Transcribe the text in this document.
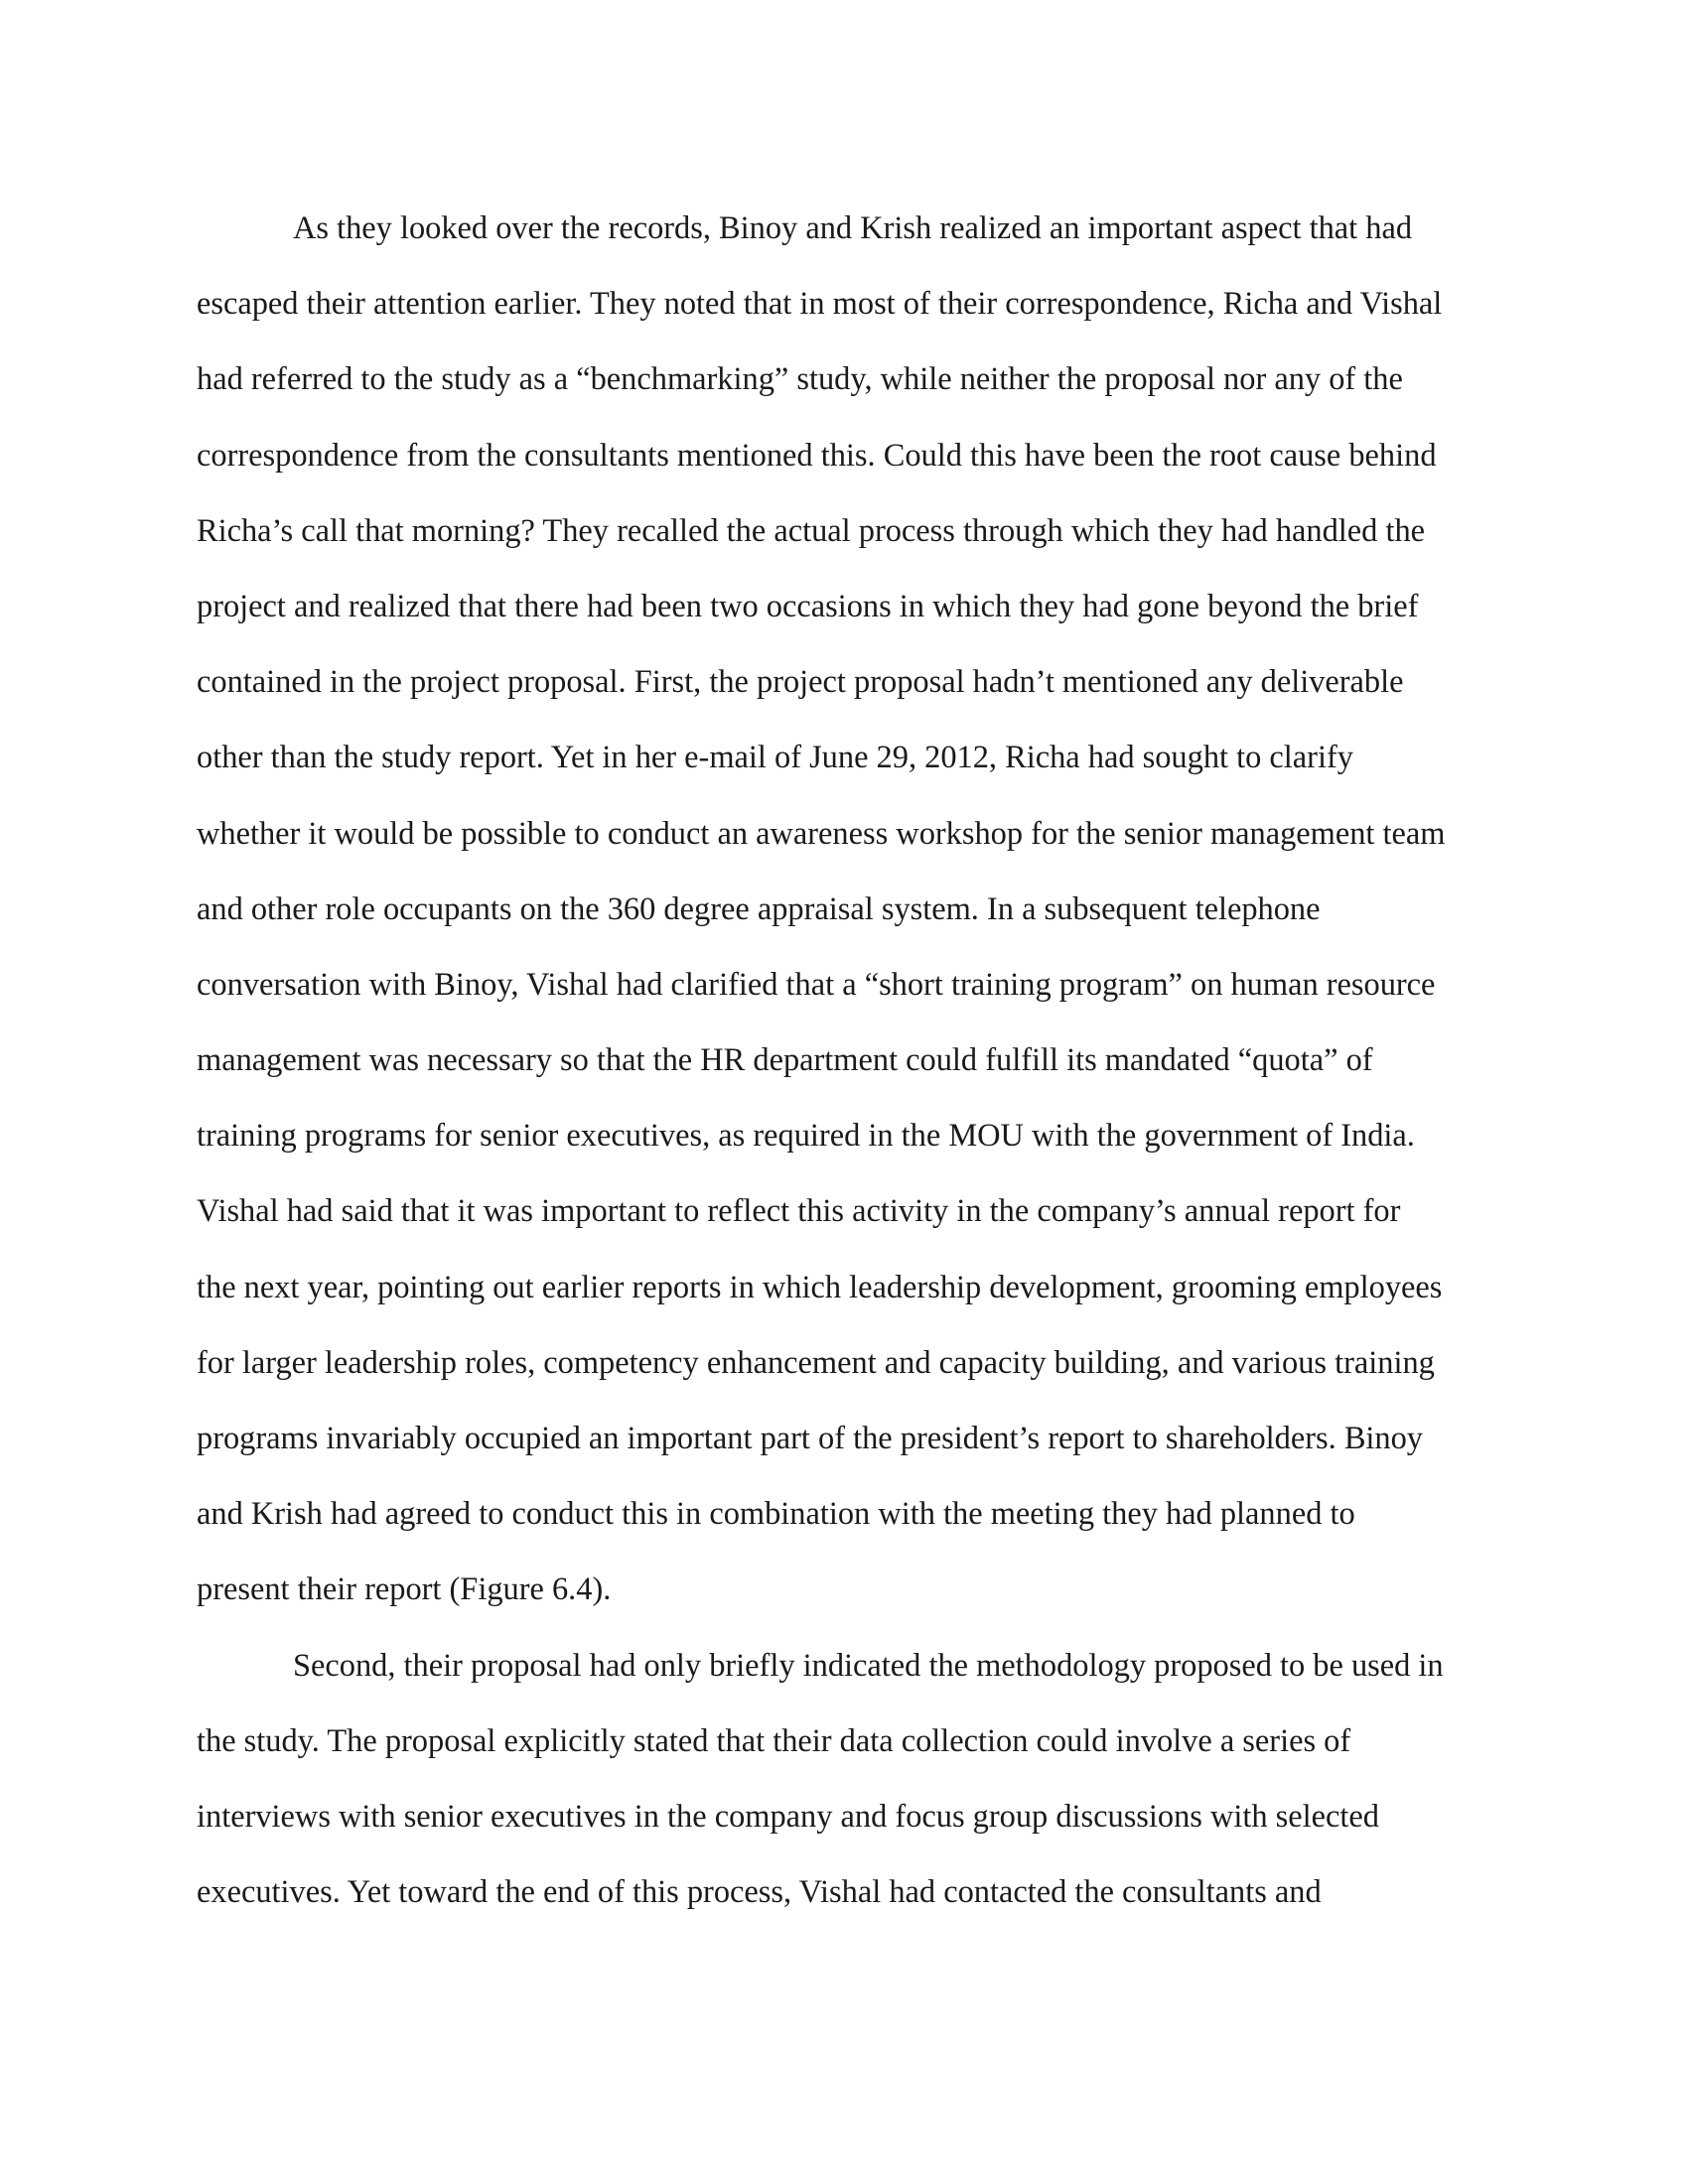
As they looked over the records, Binoy and Krish realized an important aspect that had
escaped their attention earlier. They noted that in most of their correspondence, Richa and Vishal
had referred to the study as a “benchmarking” study, while neither the proposal nor any of the
correspondence from the consultants mentioned this. Could this have been the root cause behind
Richa’s call that morning? They recalled the actual process through which they had handled the
project and realized that there had been two occasions in which they had gone beyond the brief
contained in the project proposal. First, the project proposal hadn’t mentioned any deliverable
other than the study report. Yet in her e-mail of June 29, 2012, Richa had sought to clarify
whether it would be possible to conduct an awareness workshop for the senior management team
and other role occupants on the 360 degree appraisal system. In a subsequent telephone
conversation with Binoy, Vishal had clarified that a “short training program” on human resource
management was necessary so that the HR department could fulfill its mandated “quota” of
training programs for senior executives, as required in the MOU with the government of India.
Vishal had said that it was important to reflect this activity in the company’s annual report for
the next year, pointing out earlier reports in which leadership development, grooming employees
for larger leadership roles, competency enhancement and capacity building, and various training
programs invariably occupied an important part of the president’s report to shareholders. Binoy
and Krish had agreed to conduct this in combination with the meeting they had planned to
present their report (Figure 6.4).
Second, their proposal had only briefly indicated the methodology proposed to be used in
the study. The proposal explicitly stated that their data collection could involve a series of
interviews with senior executives in the company and focus group discussions with selected
executives. Yet toward the end of this process, Vishal had contacted the consultants and
